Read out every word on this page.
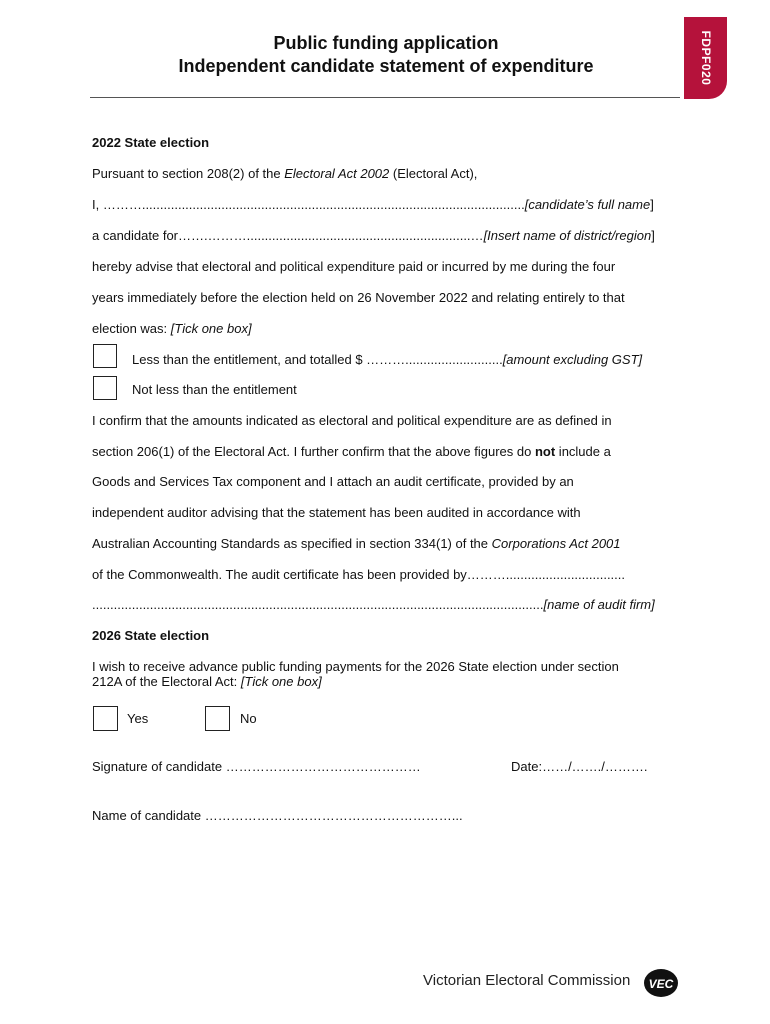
FDPF020
Public funding application
Independent candidate statement of expenditure
2022 State election
Pursuant to section 208(2) of the Electoral Act 2002 (Electoral Act),
I, ………..........................................................................................................[candidate’s full name]
a candidate for…….………..............................................................…[Insert name of district/region]
hereby advise that electoral and political expenditure paid or incurred by me during the four
years immediately before the election held on 26 November 2022 and relating entirely to that
election was: [Tick one box]
Less than the entitlement, and totalled $ ………...........................[amount excluding GST]
Not less than the entitlement
I confirm that the amounts indicated as electoral and political expenditure are as defined in
section 206(1) of the Electoral Act. I further confirm that the above figures do not include a
Goods and Services Tax component and I attach an audit certificate, provided by an
independent auditor advising that the statement has been audited in accordance with
Australian Accounting Standards as specified in section 334(1) of the Corporations Act 2001
of the Commonwealth. The audit certificate has been provided by……….................................
.............................................................................................................................[name of audit firm]
2026 State election
I wish to receive advance public funding payments for the 2026 State election under section
212A of the Electoral Act: [Tick one box]
Yes	No
Signature of candidate ………………………………………	Date:……/……./……….
Name of candidate …………………………………………………...
Victorian Electoral Commission VEC
